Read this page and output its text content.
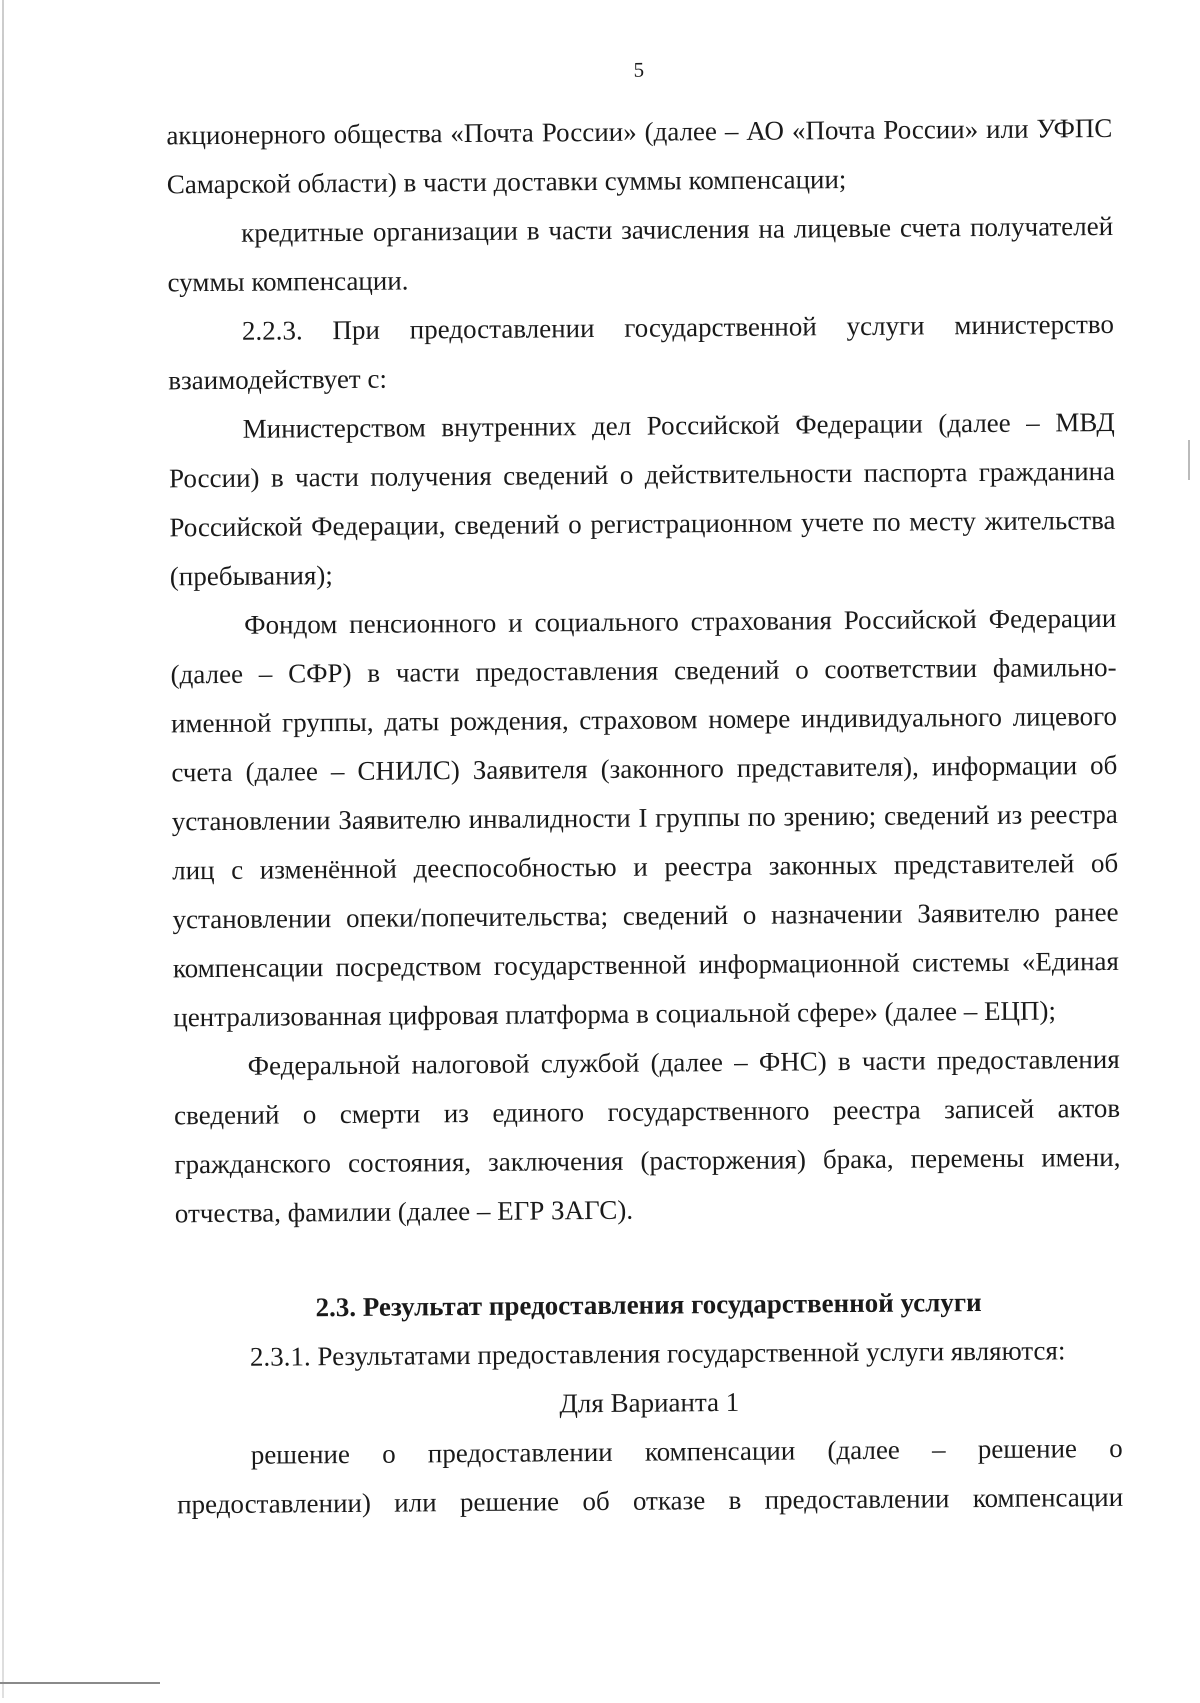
5

акционерного общества «Почта России» (далее – АО «Почта России» или УФПС Самарской области) в части доставки суммы компенсации;

кредитные организации в части зачисления на лицевые счета получателей суммы компенсации.

2.2.3. При предоставлении государственной услуги министерство взаимодействует с:

Министерством внутренних дел Российской Федерации (далее – МВД России) в части получения сведений о действительности паспорта гражданина Российской Федерации, сведений о регистрационном учете по месту жительства (пребывания);

Фондом пенсионного и социального страхования Российской Федерации (далее – СФР) в части предоставления сведений о соответствии фамильно-именной группы, даты рождения, страховом номере индивидуального лицевого счета (далее – СНИЛС) Заявителя (законного представителя), информации об установлении Заявителю инвалидности I группы по зрению; сведений из реестра лиц с изменённой дееспособностью и реестра законных представителей об установлении опеки/попечительства; сведений о назначении Заявителю ранее компенсации посредством государственной информационной системы «Единая централизованная цифровая платформа в социальной сфере» (далее – ЕЦП);

Федеральной налоговой службой (далее – ФНС) в части предоставления сведений о смерти из единого государственного реестра записей актов гражданского состояния, заключения (расторжения) брака, перемены имени, отчества, фамилии (далее – ЕГР ЗАГС).

2.3. Результат предоставления государственной услуги

2.3.1. Результатами предоставления государственной услуги являются:

Для Варианта 1

решение о предоставлении компенсации (далее – решение о предоставлении) или решение об отказе в предоставлении компенсации
